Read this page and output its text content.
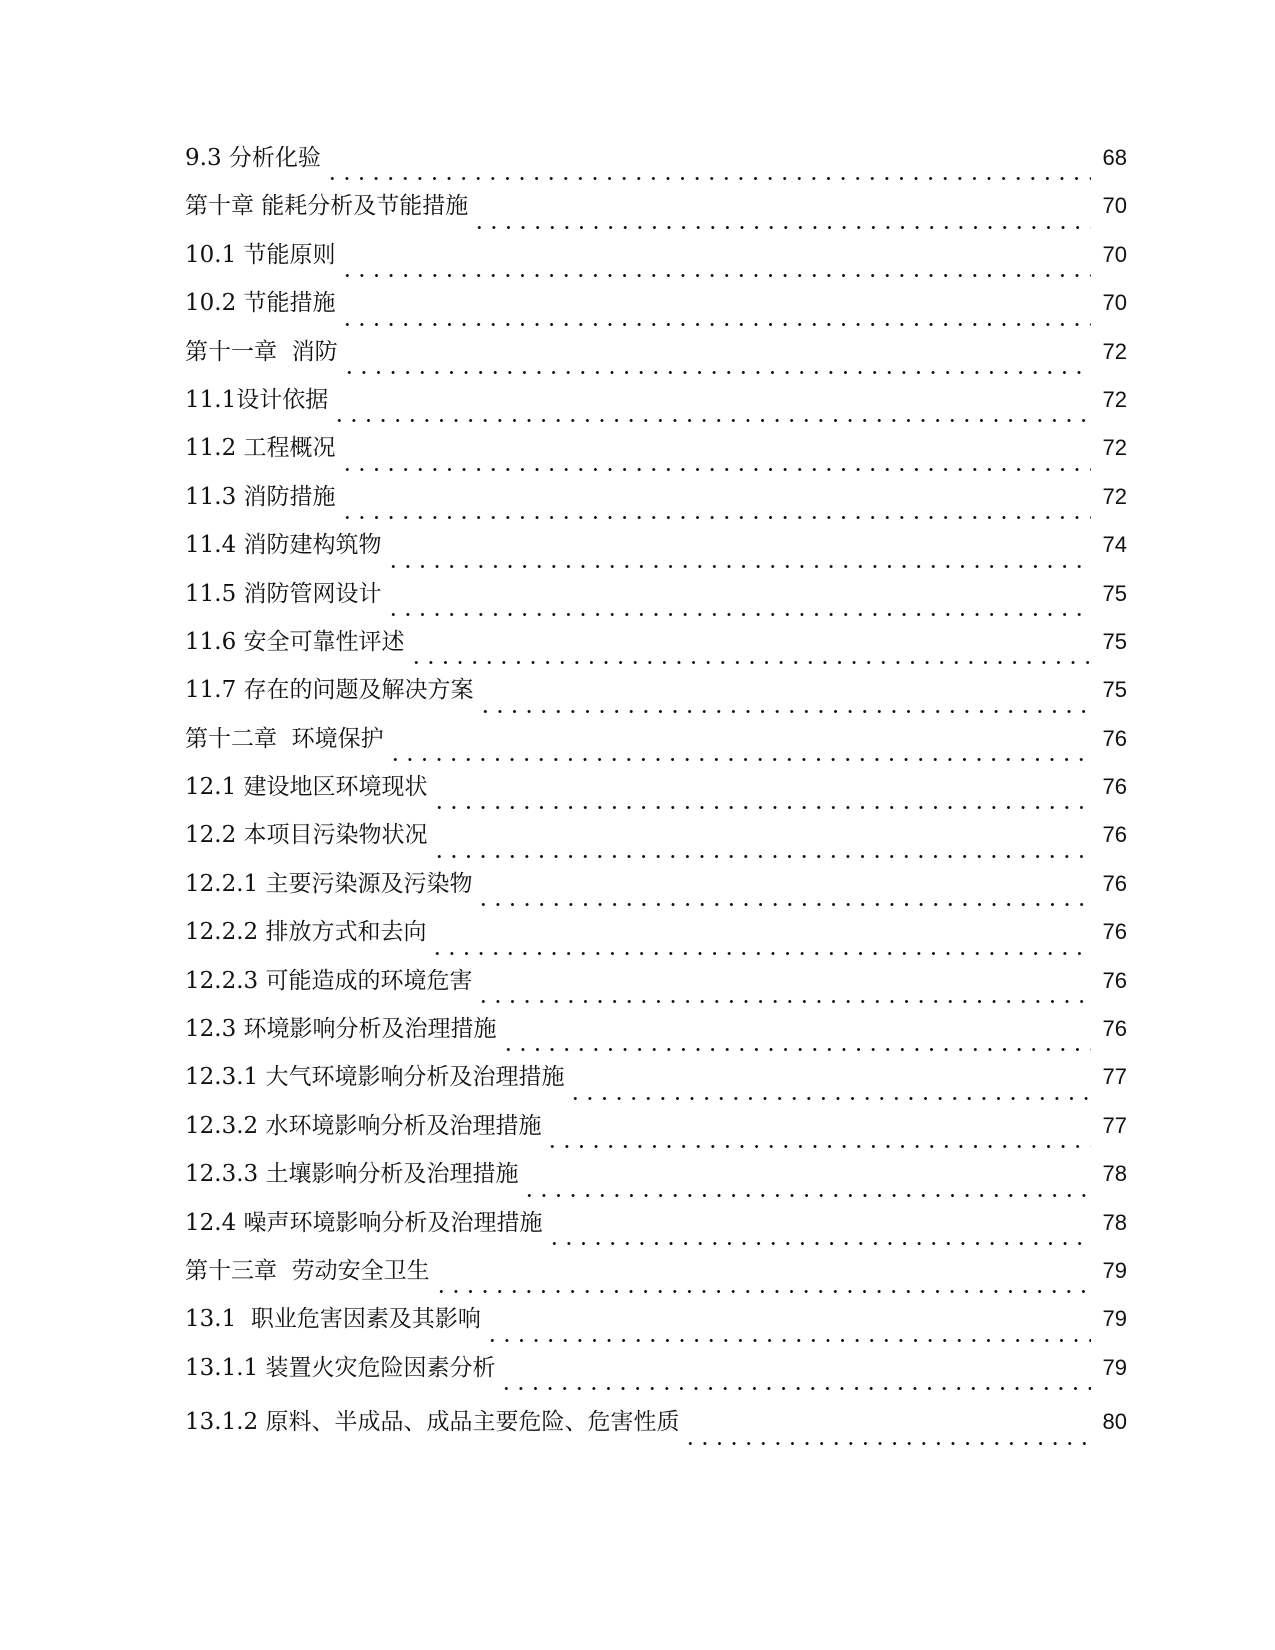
9.3 分析化验	68
第十章 能耗分析及节能措施	70
10.1 节能原则	70
10.2 节能措施	70
第十一章  消防	72
11.1设计依据	72
11.2 工程概况	72
11.3 消防措施	72
11.4 消防建构筑物	74
11.5 消防管网设计	75
11.6 安全可靠性评述	75
11.7 存在的问题及解决方案	75
第十二章  环境保护	76
12.1 建设地区环境现状	76
12.2 本项目污染物状况	76
12.2.1 主要污染源及污染物	76
12.2.2 排放方式和去向	76
12.2.3 可能造成的环境危害	76
12.3 环境影响分析及治理措施	76
12.3.1 大气环境影响分析及治理措施	77
12.3.2 水环境影响分析及治理措施	77
12.3.3 土壤影响分析及治理措施	78
12.4 噪声环境影响分析及治理措施	78
第十三章  劳动安全卫生	79
13.1  职业危害因素及其影响	79
13.1.1 装置火灾危险因素分析	79
13.1.2 原料、半成品、成品主要危险、危害性质	80
